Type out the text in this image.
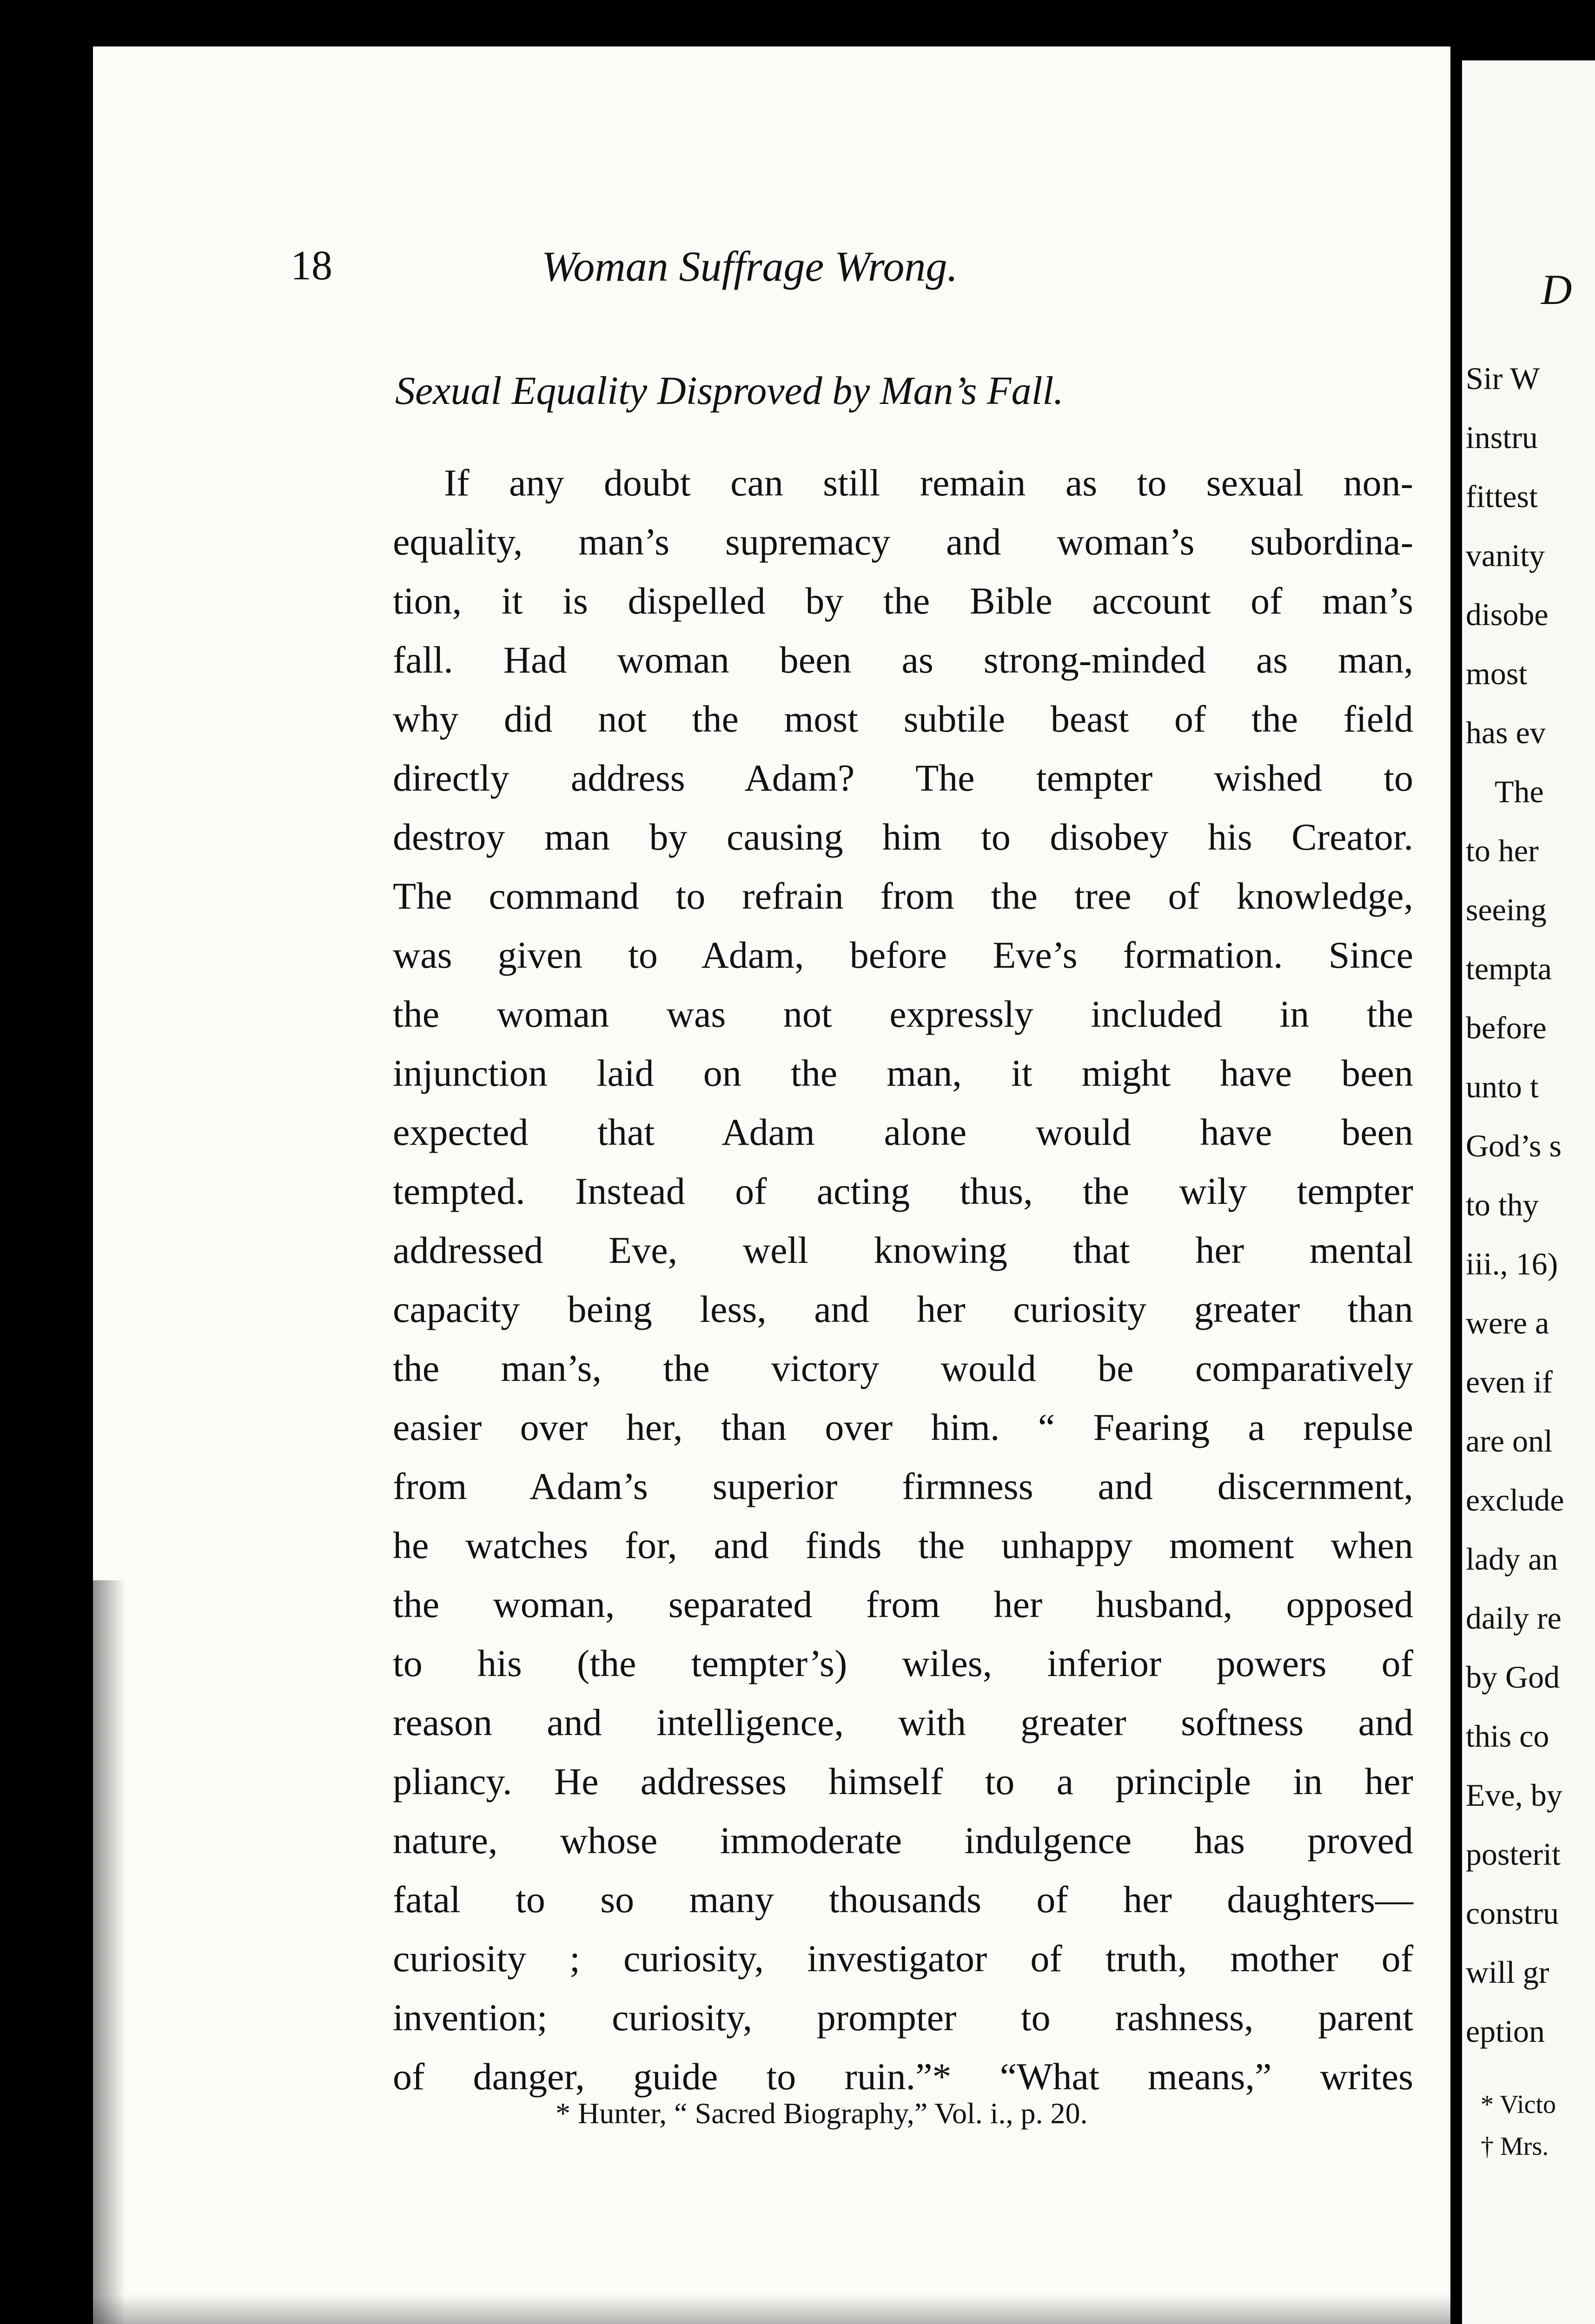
18	Woman Suffrage Wrong.
Sexual Equality Disproved by Man’s Fall.
If any doubt can still remain as to sexual non-
equality, man’s supremacy and woman’s subordina-
tion, it is dispelled by the Bible account of man’s
fall. Had woman been as strong-minded as man,
why did not the most subtile beast of the field
directly address Adam? The tempter wished to
destroy man by causing him to disobey his Creator.
The command to refrain from the tree of knowledge,
was given to Adam, before Eve’s formation. Since
the woman was not expressly included in the
injunction laid on the man, it might have been
expected that Adam alone would have been
tempted. Instead of acting thus, the wily tempter
addressed Eve, well knowing that her mental
capacity being less, and her curiosity greater than
the man’s, the victory would be comparatively
easier over her, than over him. “ Fearing a repulse
from Adam’s superior firmness and discernment,
he watches for, and finds the unhappy moment when
the woman, separated from her husband, opposed
to his (the tempter’s) wiles, inferior powers of
reason and intelligence, with greater softness and
pliancy. He addresses himself to a principle in her
nature, whose immoderate indulgence has proved
fatal to so many thousands of her daughters—
curiosity ; curiosity, investigator of truth, mother of
invention; curiosity, prompter to rashness, parent
of danger, guide to ruin.”* “What means,” writes
* Hunter, “ Sacred Biography,” Vol. i., p. 20.
D
Sir W
instru
fittest
vanity
disobe
most
has ev
The
to her
seeing
tempta
before
unto t
God’s s
to thy
iii., 16)
were a
even if
are onl
exclude
lady an
daily re
by God
this co
Eve, by
posterit
constru
will gr
eption
* Victo
† Mrs.
